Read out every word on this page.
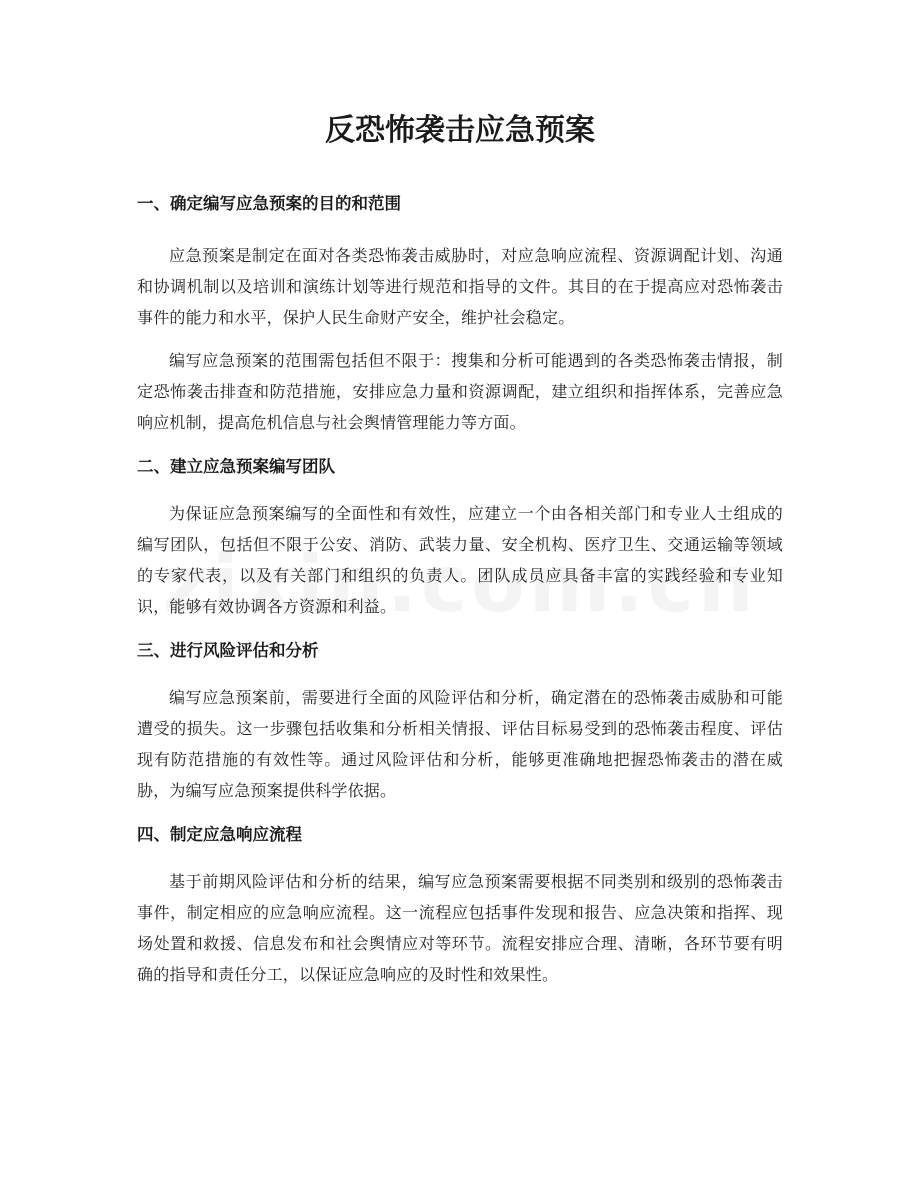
反恐怖袭击应急预案
一、确定编写应急预案的目的和范围

应急预案是制定在面对各类恐怖袭击威胁时，对应急响应流程、资源调配计划、沟通和协调机制以及培训和演练计划等进行规范和指导的文件。其目的在于提高应对恐怖袭击事件的能力和水平，保护人民生命财产安全，维护社会稳定。

编写应急预案的范围需包括但不限于：搜集和分析可能遇到的各类恐怖袭击情报，制定恐怖袭击排查和防范措施，安排应急力量和资源调配，建立组织和指挥体系，完善应急响应机制，提高危机信息与社会舆情管理能力等方面。

二、建立应急预案编写团队

为保证应急预案编写的全面性和有效性，应建立一个由各相关部门和专业人士组成的编写团队，包括但不限于公安、消防、武装力量、安全机构、医疗卫生、交通运输等领域的专家代表，以及有关部门和组织的负责人。团队成员应具备丰富的实践经验和专业知识，能够有效协调各方资源和利益。

三、进行风险评估和分析

编写应急预案前，需要进行全面的风险评估和分析，确定潜在的恐怖袭击威胁和可能遭受的损失。这一步骤包括收集和分析相关情报、评估目标易受到的恐怖袭击程度、评估现有防范措施的有效性等。通过风险评估和分析，能够更准确地把握恐怖袭击的潜在威胁，为编写应急预案提供科学依据。

四、制定应急响应流程

基于前期风险评估和分析的结果，编写应急预案需要根据不同类别和级别的恐怖袭击事件，制定相应的应急响应流程。这一流程应包括事件发现和报告、应急决策和指挥、现场处置和救援、信息发布和社会舆情应对等环节。流程安排应合理、清晰，各环节要有明确的指导和责任分工，以保证应急响应的及时性和效果性。
